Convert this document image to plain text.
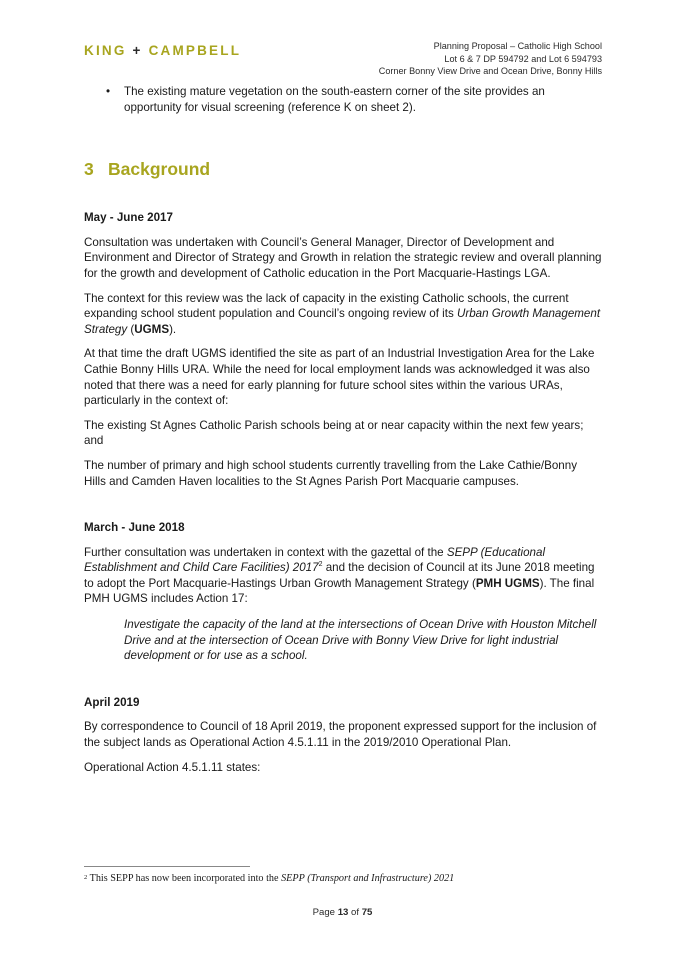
KING + CAMPBELL	Planning Proposal – Catholic High School
Lot 6 & 7 DP 594792 and Lot 6 594793
Corner Bonny View Drive and Ocean Drive, Bonny Hills
• The existing mature vegetation on the south-eastern corner of the site provides an opportunity for visual screening (reference K on sheet 2).
3 Background
May - June 2017

Consultation was undertaken with Council’s General Manager, Director of Development and Environment and Director of Strategy and Growth in relation the strategic review and overall planning for the growth and development of Catholic education in the Port Macquarie-Hastings LGA.

The context for this review was the lack of capacity in the existing Catholic schools, the current expanding school student population and Council’s ongoing review of its Urban Growth Management Strategy (UGMS).

At that time the draft UGMS identified the site as part of an Industrial Investigation Area for the Lake Cathie Bonny Hills URA. While the need for local employment lands was acknowledged it was also noted that there was a need for early planning for future school sites within the various URAs, particularly in the context of:

The existing St Agnes Catholic Parish schools being at or near capacity within the next few years; and

The number of primary and high school students currently travelling from the Lake Cathie/Bonny Hills and Camden Haven localities to the St Agnes Parish Port Macquarie campuses.

March - June 2018

Further consultation was undertaken in context with the gazettal of the SEPP (Educational Establishment and Child Care Facilities) 2017$^2$ and the decision of Council at its June 2018 meeting to adopt the Port Macquarie-Hastings Urban Growth Management Strategy (PMH UGMS). The final PMH UGMS includes Action 17:

Investigate the capacity of the land at the intersections of Ocean Drive with Houston Mitchell Drive and at the intersection of Ocean Drive with Bonny View Drive for light industrial development or for use as a school.

April 2019

By correspondence to Council of 18 April 2019, the proponent expressed support for the inclusion of the subject lands as Operational Action 4.5.1.11 in the 2019/2010 Operational Plan.

Operational Action 4.5.1.11 states:

$^2$ This SEPP has now been incorporated into the SEPP (Transport and Infrastructure) 2021
Page 13 of 75
